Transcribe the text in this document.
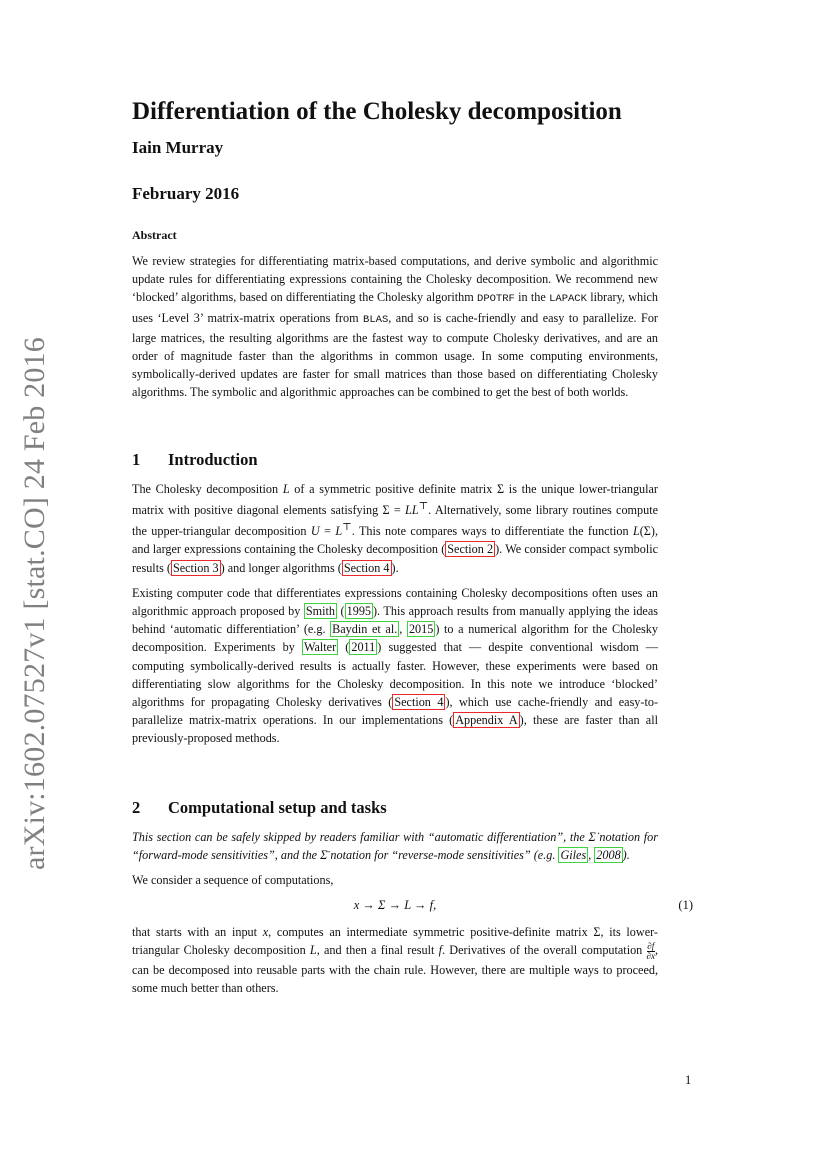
arXiv:1602.07527v1 [stat.CO] 24 Feb 2016
Differentiation of the Cholesky decomposition
Iain Murray
February 2016
Abstract

We review strategies for differentiating matrix-based computations, and derive symbolic and algorithmic update rules for differentiating expressions containing the Cholesky decomposition. We recommend new ‘blocked’ algorithms, based on differentiating the Cholesky algorithm DPOTRF in the LAPACK library, which uses ‘Level 3’ matrix-matrix operations from BLAS, and so is cache-friendly and easy to parallelize. For large matrices, the resulting algorithms are the fastest way to compute Cholesky derivatives, and are an order of magnitude faster than the algorithms in common usage. In some computing environments, symbolically-derived updates are faster for small matrices than those based on differentiating Cholesky algorithms. The symbolic and algorithmic approaches can be combined to get the best of both worlds.

1	Introduction

The Cholesky decomposition L of a symmetric positive definite matrix Σ is the unique lower-triangular matrix with positive diagonal elements satisfying Σ = LL⊤. Alternatively, some library routines compute the upper-triangular decomposition U = L⊤. This note compares ways to differentiate the function L(Σ), and larger expressions containing the Cholesky decomposition ( Section 2 ). We consider compact symbolic results ( Section 3 ) and longer algorithms ( Section 4 ).

Existing computer code that differentiates expressions containing Cholesky decompositions often uses an algorithmic approach proposed by Smith ( 1995 ). This approach results from manually applying the ideas behind ‘automatic differentiation’ (e.g. Baydin et al. , 2015 ) to a numerical algorithm for the Cholesky decomposition. Experiments by Walter ( 2011 ) suggested that — despite conventional wisdom — computing symbolically-derived results is actually faster. However, these experiments were based on differentiating slow algorithms for the Cholesky decomposition. In this note we introduce ‘blocked’ algorithms for propagating Cholesky derivatives ( Section 4 ), which use cache-friendly and easy-to-parallelize matrix-matrix operations. In our implementations ( Appendix A ), these are faster than all previously-proposed methods.

2	Computational setup and tasks

This section can be safely skipped by readers familiar with “automatic differentiation”, the Σ̇ notation for “forward-mode sensitivities”, and the Σ̄ notation for “reverse-mode sensitivities” (e.g. Giles , 2008 ).

We consider a sequence of computations,

x → Σ → L → f,	(1)

that starts with an input x, computes an intermediate symmetric positive-definite matrix Σ, its lower-triangular Cholesky decomposition L, and then a final result f. Derivatives of the overall computation $\frac{\partial f}{\partial x}$ , can be decomposed into reusable parts with the chain rule. However, there are multiple ways to proceed, some much better than others.

1
